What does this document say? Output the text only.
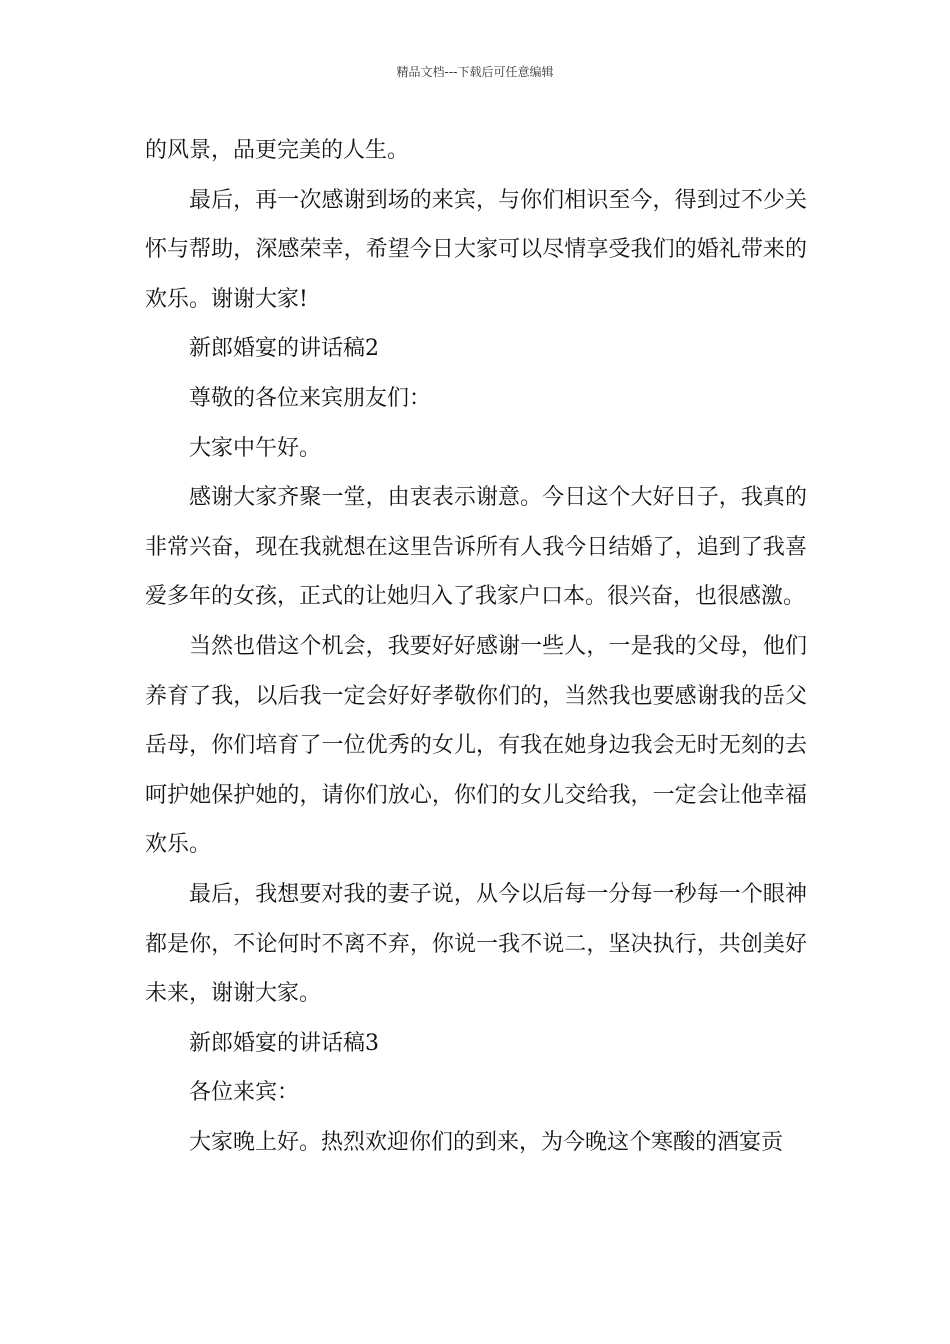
精品文档---下载后可任意编辑

的风景，品更完美的人生。

最后，再一次感谢到场的来宾，与你们相识至今，得到过不少关怀与帮助，深感荣幸，希望今日大家可以尽情享受我们的婚礼带来的欢乐。谢谢大家!

新郎婚宴的讲话稿2

尊敬的各位来宾朋友们：

大家中午好。

感谢大家齐聚一堂，由衷表示谢意。今日这个大好日子，我真的非常兴奋，现在我就想在这里告诉所有人我今日结婚了，追到了我喜爱多年的女孩，正式的让她归入了我家户口本。很兴奋，也很感激。

当然也借这个机会，我要好好感谢一些人，一是我的父母，他们养育了我，以后我一定会好好孝敬你们的，当然我也要感谢我的岳父岳母，你们培育了一位优秀的女儿，有我在她身边我会无时无刻的去呵护她保护她的，请你们放心，你们的女儿交给我，一定会让他幸福欢乐。

最后，我想要对我的妻子说，从今以后每一分每一秒每一个眼神都是你，不论何时不离不弃，你说一我不说二，坚决执行，共创美好未来，谢谢大家。

新郎婚宴的讲话稿3

各位来宾：

大家晚上好。热烈欢迎你们的到来，为今晚这个寒酸的酒宴贡
